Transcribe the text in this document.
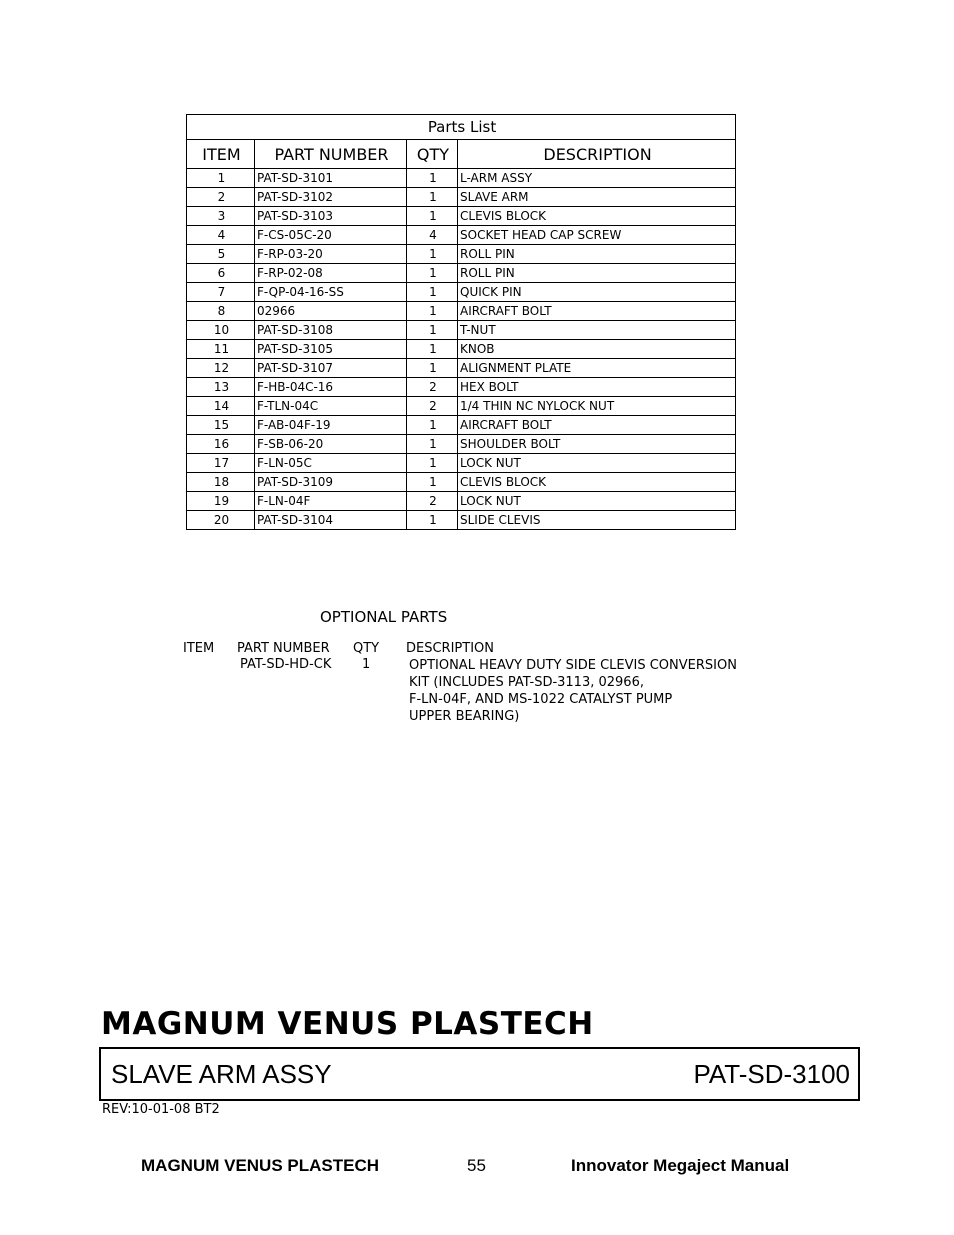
Parts List			
ITEM	PART NUMBER	QTY	DESCRIPTION
1	PAT-SD-3101	1	L-ARM ASSY
2	PAT-SD-3102	1	SLAVE ARM
3	PAT-SD-3103	1	CLEVIS BLOCK
4	F-CS-05C-20	4	SOCKET HEAD CAP SCREW
5	F-RP-03-20	1	ROLL PIN
6	F-RP-02-08	1	ROLL PIN
7	F-QP-04-16-SS	1	QUICK PIN
8	02966	1	AIRCRAFT BOLT
10	PAT-SD-3108	1	T-NUT
11	PAT-SD-3105	1	KNOB
12	PAT-SD-3107	1	ALIGNMENT PLATE
13	F-HB-04C-16	2	HEX BOLT
14	F-TLN-04C	2	1/4 THIN NC NYLOCK NUT
15	F-AB-04F-19	1	AIRCRAFT BOLT
16	F-SB-06-20	1	SHOULDER BOLT
17	F-LN-05C	1	LOCK NUT
18	PAT-SD-3109	1	CLEVIS BLOCK
19	F-LN-04F	2	LOCK NUT
20	PAT-SD-3104	1	SLIDE CLEVIS
OPTIONAL PARTS
ITEM PART NUMBER QTY DESCRIPTION
PAT-SD-HD-CK 1	OPTIONAL HEAVY DUTY SIDE CLEVIS CONVERSION
KIT (INCLUDES PAT-SD-3113, 02966,
F-LN-04F, AND MS-1022 CATALYST PUMP
UPPER BEARING)
MAGNUM VENUS PLASTECH
SLAVE ARM ASSY	PAT-SD-3100
REV:10-01-08 BT2
MAGNUM VENUS PLASTECH	55	Innovator Megaject Manual
